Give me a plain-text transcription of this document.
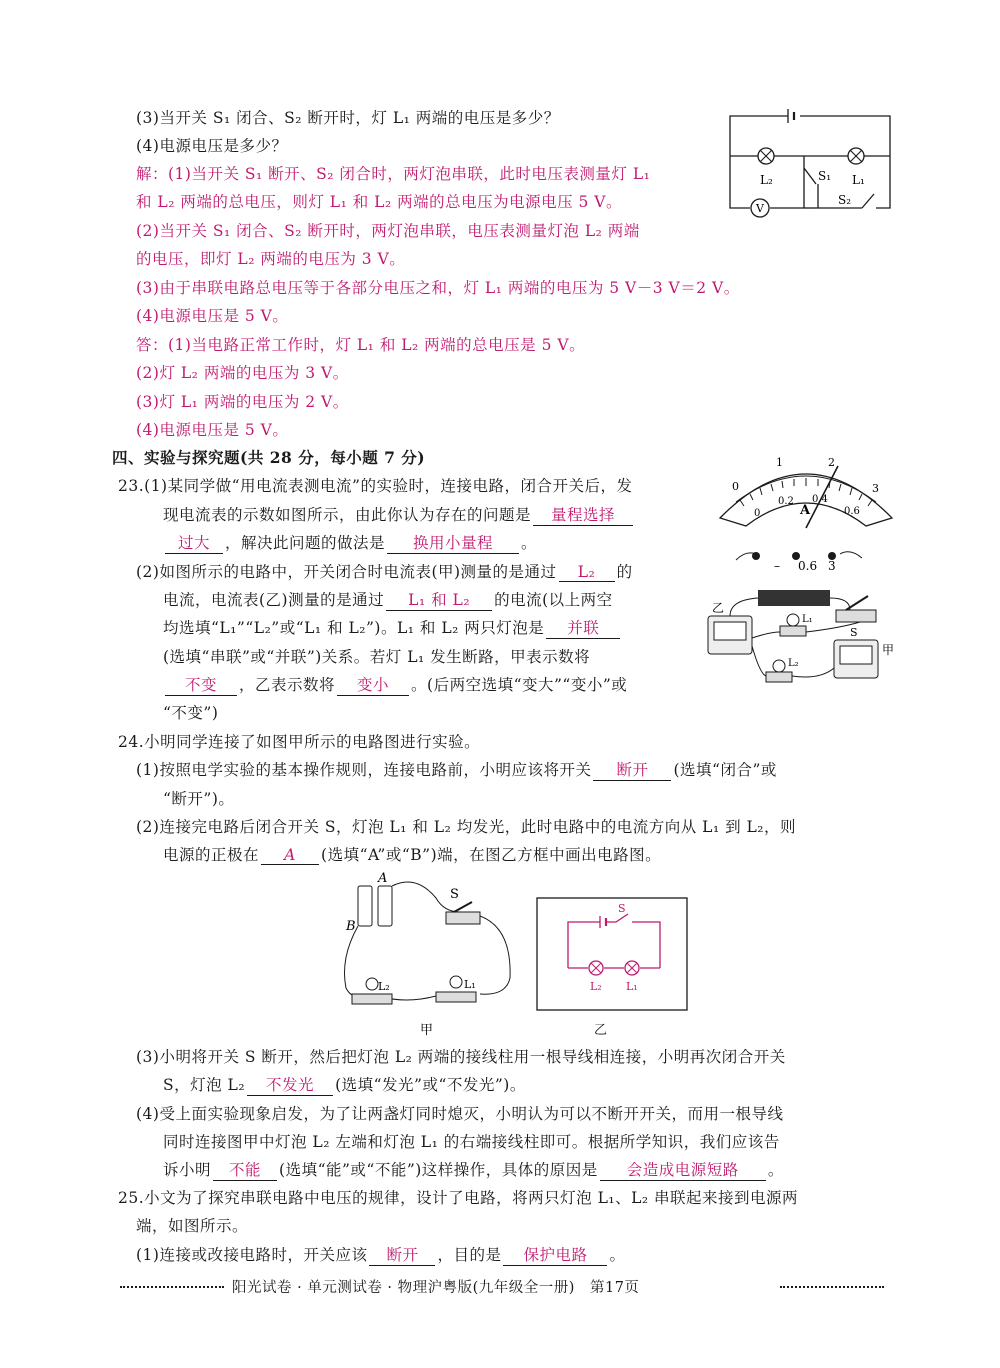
(3)当开关 S₁ 闭合、S₂ 断开时，灯 L₁ 两端的电压是多少？
(4)电源电压是多少？
解：(1)当开关 S₁ 断开、S₂ 闭合时，两灯泡串联，此时电压表测量灯 L₁
和 L₂ 两端的总电压，则灯 L₁ 和 L₂ 两端的总电压为电源电压 5 V。
(2)当开关 S₁ 闭合、S₂ 断开时，两灯泡串联，电压表测量灯泡 L₂ 两端
的电压，即灯 L₂ 两端的电压为 3 V。
(3)由于串联电路总电压等于各部分电压之和，灯 L₁ 两端的电压为 5 V－3 V＝2 V。
(4)电源电压是 5 V。
答：(1)当电路正常工作时，灯 L₁ 和 L₂ 两端的总电压是 5 V。
(2)灯 L₂ 两端的电压为 3 V。
(3)灯 L₁ 两端的电压为 2 V。
(4)电源电压是 5 V。
V
L₂	L₁
S₁
S₂
四、实验与探究题(共 28 分，每小题 7 分)
23.(1)某同学做“用电流表测电流”的实验时，连接电路，闭合开关后，发
现电流表的示数如图所示，由此你认为存在的问题是 量程选择
过大 ，解决此问题的做法是 换用小量程 。
(2)如图所示的电路中，开关闭合时电流表(甲)测量的是通过 L₂ 的
电流，电流表(乙)测量的是通过 L₁ 和 L₂ 的电流(以上两空
均选填“L₁”“L₂”或“L₁ 和 L₂”)。L₁ 和 L₂ 两只灯泡是 并联
(选填“串联”或“并联”)关系。若灯 L₁ 发生断路，甲表示数将
不变 ，乙表示数将 变小 。(后两空选填“变大”“变小”或
“不变”)
0
1	2
3
0
0.2 0.4
0.6
A
– 0.6 3
乙
甲
L₁
L₂
S
24.小明同学连接了如图甲所示的电路图进行实验。
(1)按照电学实验的基本操作规则，连接电路前，小明应该将开关 断开 (选填“闭合”或
“断开”)。
(2)连接完电路后闭合开关 S，灯泡 L₁ 和 L₂ 均发光，此时电路中的电流方向从 L₁ 到 L₂，则
电源的正极在 A (选填“A”或“B”)端，在图乙方框中画出电路图。
A
B
S
L₂	L₁
甲
S
L₂ L₁
乙
(3)小明将开关 S 断开，然后把灯泡 L₂ 两端的接线柱用一根导线相连接，小明再次闭合开关
S，灯泡 L₂ 不发光 (选填“发光”或“不发光”)。
(4)受上面实验现象启发，为了让两盏灯同时熄灭，小明认为可以不断开开关，而用一根导线
同时连接图甲中灯泡 L₂ 左端和灯泡 L₁ 的右端接线柱即可。根据所学知识，我们应该告
诉小明 不能 (选填“能”或“不能”)这样操作，具体的原因是 会造成电源短路 。
25.小文为了探究串联电路中电压的规律，设计了电路，将两只灯泡 L₁、L₂ 串联起来接到电源两
端，如图所示。
(1)连接或改接电路时，开关应该 断开 ，目的是 保护电路 。
阳光试卷 · 单元测试卷 · 物理沪粤版(九年级全一册)　第17页
